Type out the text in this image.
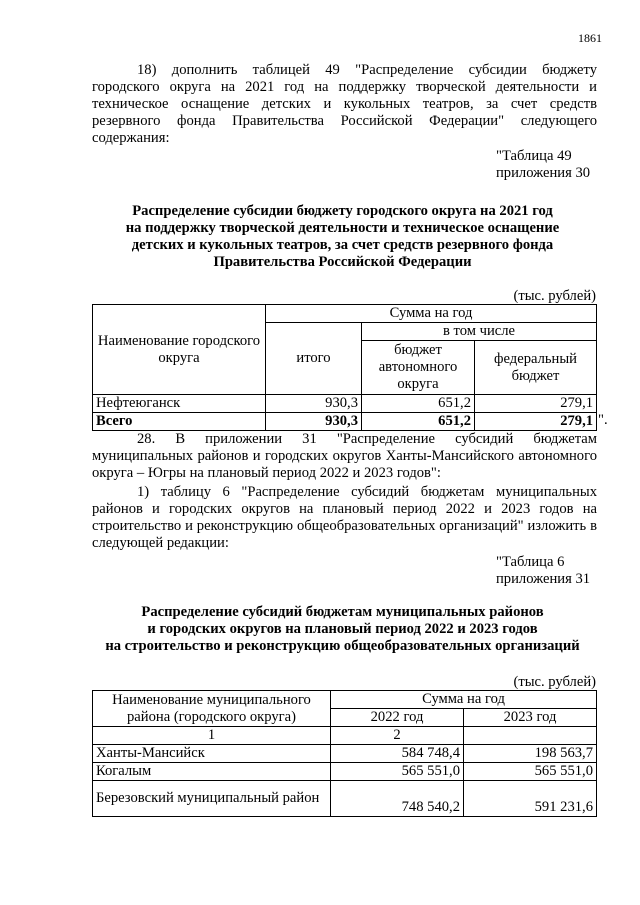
1861

18) дополнить таблицей 49 "Распределение субсидии бюджету городского округа на 2021 год на поддержку творческой деятельности и техническое оснащение детских и кукольных театров, за счет средств резервного фонда Правительства Российской Федерации" следующего содержания:

"Таблица 49
приложения 30
Распределение субсидии бюджету городского округа на 2021 год
на поддержку творческой деятельности и техническое оснащение
детских и кукольных театров, за счет средств резервного фонда
Правительства Российской Федерации
(тыс. рублей)
Наименование городского округа	Сумма на год		
	итого	в том числе	
		бюджет автономного округа	федеральный бюджет
Нефтеюганск	930,3	651,2	279,1
Всего	930,3	651,2	279,1 ".

28. В приложении 31 "Распределение субсидий бюджетам муниципальных районов и городских округов Ханты-Мансийского автономного округа – Югры на плановый период 2022 и 2023 годов":

1) таблицу 6 "Распределение субсидий бюджетам муниципальных районов и городских округов на плановый период 2022 и 2023 годов на строительство и реконструкцию общеобразовательных организаций" изложить в следующей редакции:

"Таблица 6
приложения 31
Распределение субсидий бюджетам муниципальных районов
и городских округов на плановый период 2022 и 2023 годов
на строительство и реконструкцию общеобразовательных организаций
(тыс. рублей)
Наименование муниципального района (городского округа)	Сумма на год	
	2022 год	2023 год
1	2	
Ханты-Мансийск	584 748,4	198 563,7
Когалым	565 551,0	565 551,0
Березовский муниципальный район	748 540,2	591 231,6
